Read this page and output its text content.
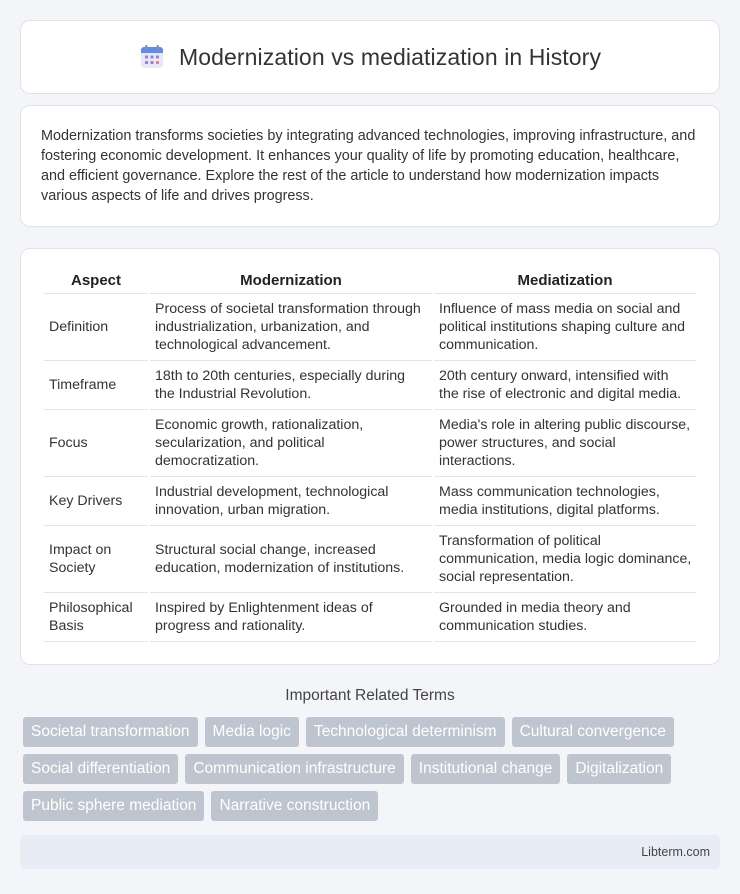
Modernization vs mediatization in History

Modernization transforms societies by integrating advanced technologies, improving infrastructure, and fostering economic development. It enhances your quality of life by promoting education, healthcare, and efficient governance. Explore the rest of the article to understand how modernization impacts various aspects of life and drives progress.

Aspect	Modernization	Mediatization
Definition	Process of societal transformation through industrialization, urbanization, and technological advancement.	Influence of mass media on social and political institutions shaping culture and communication.
Timeframe	18th to 20th centuries, especially during the Industrial Revolution.	20th century onward, intensified with the rise of electronic and digital media.
Focus	Economic growth, rationalization, secularization, and political democratization.	Media's role in altering public discourse, power structures, and social interactions.
Key Drivers	Industrial development, technological innovation, urban migration.	Mass communication technologies, media institutions, digital platforms.
Impact on Society	Structural social change, increased education, modernization of institutions.	Transformation of political communication, media logic dominance, social representation.
Philosophical Basis	Inspired by Enlightenment ideas of progress and rationality.	Grounded in media theory and communication studies.
Important Related Terms
Societal transformation	Media logic	Technological determinism	Cultural convergence
Social differentiation	Communication infrastructure	Institutional change	Digitalization
Public sphere mediation	Narrative construction
Libterm.com
